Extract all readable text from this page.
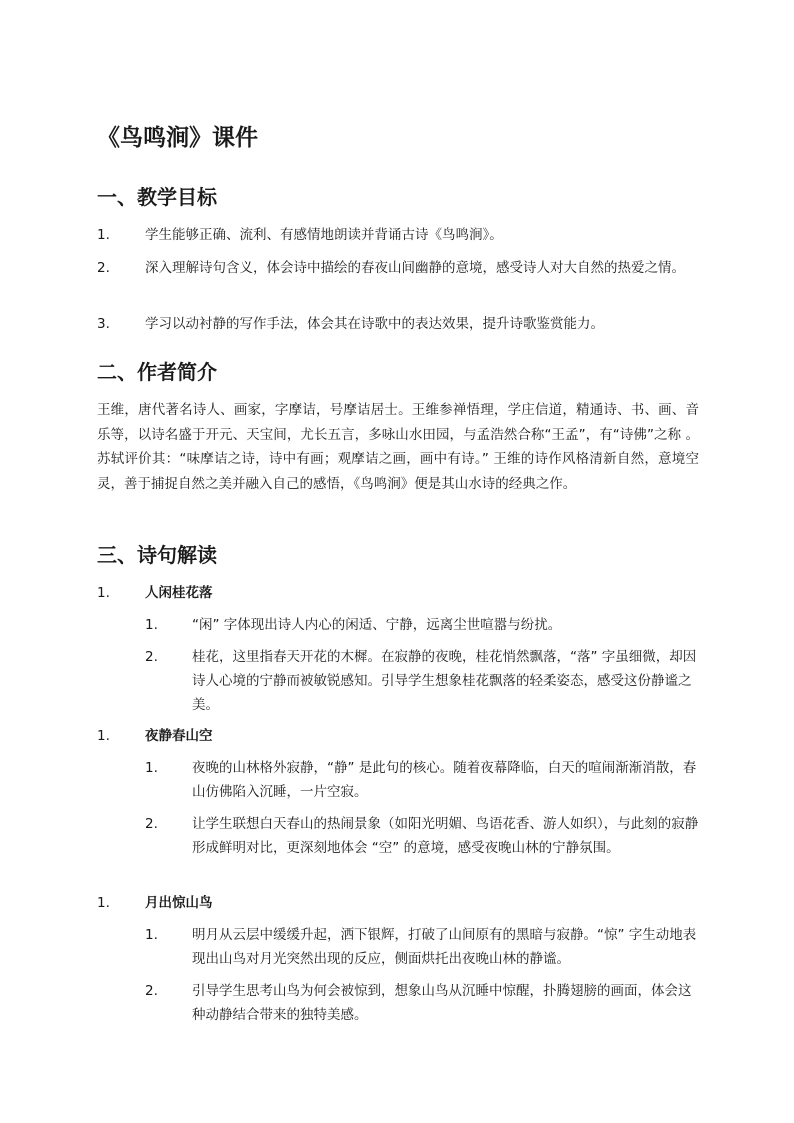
《鸟鸣涧》课件
一、教学目标
1.	学生能够正确、流利、有感情地朗读并背诵古诗《鸟鸣涧》。
2.	深入理解诗句含义，体会诗中描绘的春夜山间幽静的意境，感受诗人对大自然的热爱之情。
3.	学习以动衬静的写作手法，体会其在诗歌中的表达效果，提升诗歌鉴赏能力。
二、作者简介
王维，唐代著名诗人、画家，字摩诘，号摩诘居士。王维参禅悟理，学庄信道，精通诗、书、画、音乐等，以诗名盛于开元、天宝间，尤长五言，多咏山水田园，与孟浩然合称“王孟”，有“诗佛”之称 。苏轼评价其：“味摩诘之诗，诗中有画；观摩诘之画，画中有诗。” 王维的诗作风格清新自然，意境空灵，善于捕捉自然之美并融入自己的感悟，《鸟鸣涧》便是其山水诗的经典之作。
三、诗句解读
1.	人闲桂花落
1.	“闲” 字体现出诗人内心的闲适、宁静，远离尘世喧嚣与纷扰。
2.	桂花，这里指春天开花的木樨。在寂静的夜晚，桂花悄然飘落，“落” 字虽细微，却因诗人心境的宁静而被敏锐感知。引导学生想象桂花飘落的轻柔姿态，感受这份静谧之美。
1.	夜静春山空
1.	夜晚的山林格外寂静，“静” 是此句的核心。随着夜幕降临，白天的喧闹渐渐消散，春山仿佛陷入沉睡，一片空寂。
2.	让学生联想白天春山的热闹景象（如阳光明媚、鸟语花香、游人如织），与此刻的寂静形成鲜明对比，更深刻地体会 “空” 的意境，感受夜晚山林的宁静氛围。
1.	月出惊山鸟
1.	明月从云层中缓缓升起，洒下银辉，打破了山间原有的黑暗与寂静。“惊” 字生动地表现出山鸟对月光突然出现的反应，侧面烘托出夜晚山林的静谧。
2.	引导学生思考山鸟为何会被惊到，想象山鸟从沉睡中惊醒，扑腾翅膀的画面，体会这种动静结合带来的独特美感。
